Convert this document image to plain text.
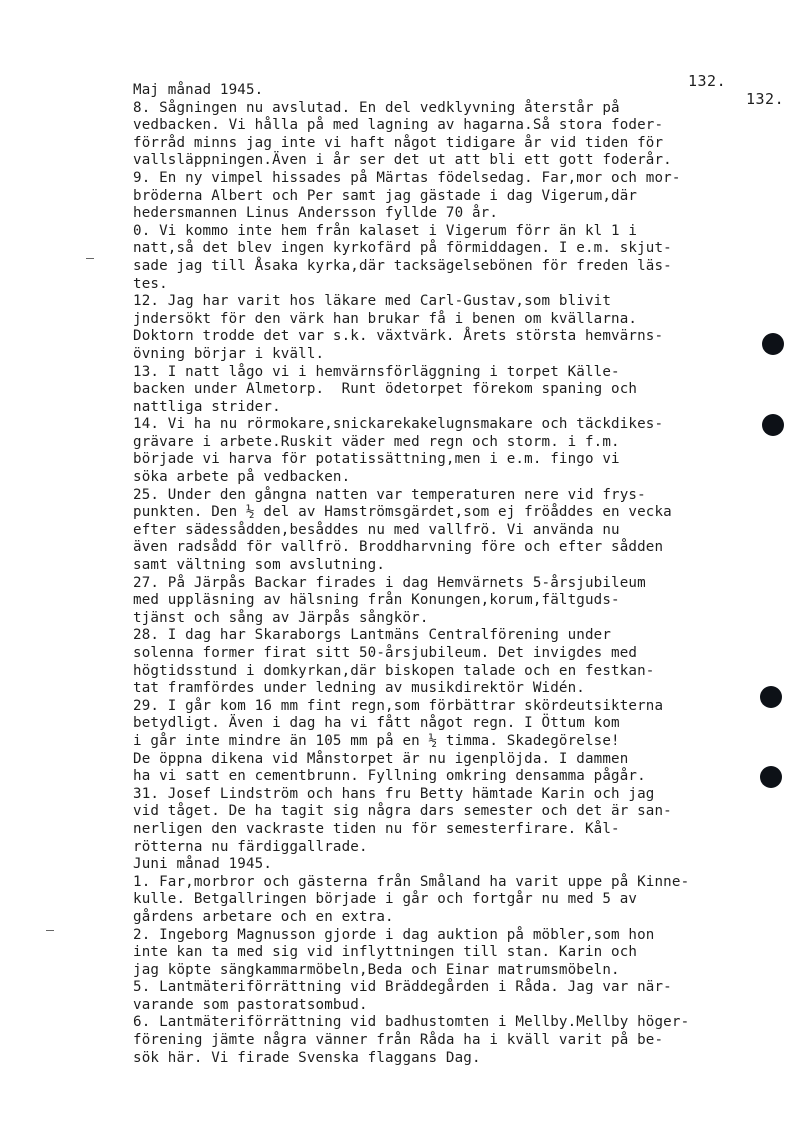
132.
132.
Maj månad 1945.
8. Sågningen nu avslutad. En del vedklyvning återstår på
vedbacken. Vi hålla på med lagning av hagarna.Så stora foder-
förråd minns jag inte vi haft något tidigare år vid tiden för
vallsläppningen.Även i år ser det ut att bli ett gott foderår.
9. En ny vimpel hissades på Märtas födelsedag. Far,mor och mor-
bröderna Albert och Per samt jag gästade i dag Vigerum,där
hedersmannen Linus Andersson fyllde 70 år.
0. Vi kommo inte hem från kalaset i Vigerum förr än kl 1 i
natt,så det blev ingen kyrkofärd på förmiddagen. I e.m. skjut-
sade jag till Åsaka kyrka,där tacksägelsebönen för freden läs-
tes.
12. Jag har varit hos läkare med Carl-Gustav,som blivit
jndersökt för den värk han brukar få i benen om kvällarna.
Doktorn trodde det var s.k. växtvärk. Årets största hemvärns-
övning börjar i kväll.
13. I natt lågo vi i hemvärnsförläggning i torpet Källe-
backen under Almetorp.  Runt ödetorpet förekom spaning och
nattliga strider.
14. Vi ha nu rörmokare,snickarekakelugnsmakare och täckdikes-
grävare i arbete.Ruskit väder med regn och storm. i f.m.
började vi harva för potatissättning,men i e.m. fingo vi
söka arbete på vedbacken.
25. Under den gångna natten var temperaturen nere vid frys-
punkten. Den ½ del av Hamströmsgärdet,som ej fröåddes en vecka
efter sädessådden,besåddes nu med vallfrö. Vi använda nu
även radsådd för vallfrö. Broddharvning före och efter sådden
samt vältning som avslutning.
27. På Järpås Backar firades i dag Hemvärnets 5-årsjubileum
med uppläsning av hälsning från Konungen,korum,fältguds-
tjänst och sång av Järpås sångkör.
28. I dag har Skaraborgs Lantmäns Centralförening under
solenna former firat sitt 50-årsjubileum. Det invigdes med
högtidsstund i domkyrkan,där biskopen talade och en festkan-
tat framfördes under ledning av musikdirektör Widén.
29. I går kom 16 mm fint regn,som förbättrar skördeutsikterna
betydligt. Även i dag ha vi fått något regn. I Öttum kom
i går inte mindre än 105 mm på en ½ timma. Skadegörelse!
De öppna dikena vid Månstorpet är nu igenplöjda. I dammen
ha vi satt en cementbrunn. Fyllning omkring densamma pågår.
31. Josef Lindström och hans fru Betty hämtade Karin och jag
vid tåget. De ha tagit sig några dars semester och det är san-
nerligen den vackraste tiden nu för semesterfirare. Kål-
rötterna nu färdiggallrade.
Juni månad 1945.
1. Far,morbror och gästerna från Småland ha varit uppe på Kinne-
kulle. Betgallringen började i går och fortgår nu med 5 av
gårdens arbetare och en extra.
2. Ingeborg Magnusson gjorde i dag auktion på möbler,som hon
inte kan ta med sig vid inflyttningen till stan. Karin och
jag köpte sängkammarmöbeln,Beda och Einar matrumsmöbeln.
5. Lantmäteriförrättning vid Bräddegården i Råda. Jag var när-
varande som pastoratsombud.
6. Lantmäteriförrättning vid badhustomten i Mellby.Mellby höger-
förening jämte några vänner från Råda ha i kväll varit på be-
sök här. Vi firade Svenska flaggans Dag.
